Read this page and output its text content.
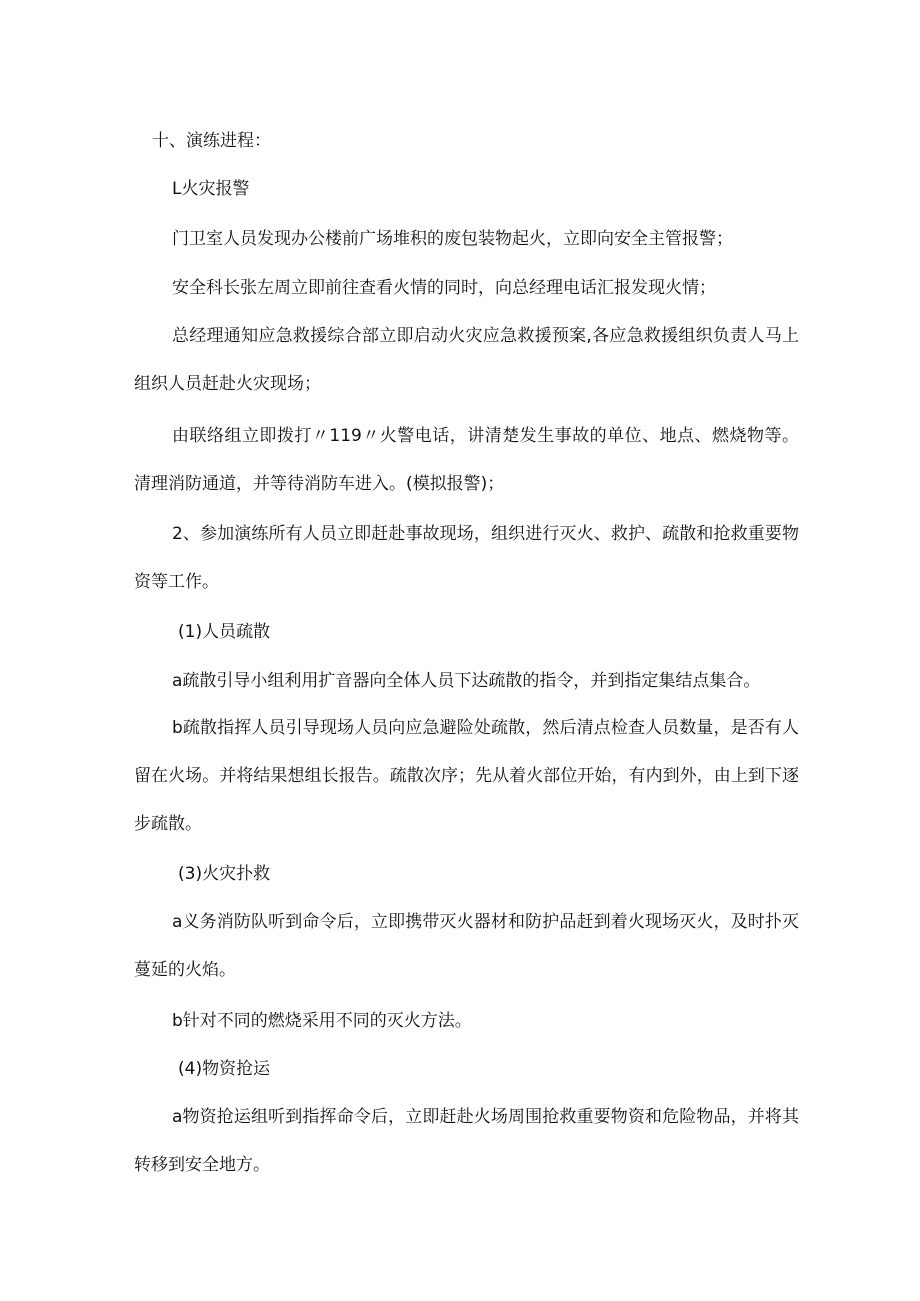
十、演练进程：

L火灾报警

门卫室人员发现办公楼前广场堆积的废包装物起火，立即向安全主管报警；

安全科长张左周立即前往查看火情的同时，向总经理电话汇报发现火情；

总经理通知应急救援综合部立即启动火灾应急救援预案,各应急救援组织负责人马上组织人员赶赴火灾现场；

由联络组立即拨打〃119〃火警电话，讲清楚发生事故的单位、地点、燃烧物等。清理消防通道，并等待消防车进入。(模拟报警)；

2、参加演练所有人员立即赶赴事故现场，组织进行灭火、救护、疏散和抢救重要物资等工作。

(1)人员疏散

a疏散引导小组利用扩音器向全体人员下达疏散的指令，并到指定集结点集合。

b疏散指挥人员引导现场人员向应急避险处疏散，然后清点检查人员数量，是否有人留在火场。并将结果想组长报告。疏散次序；先从着火部位开始，有内到外，由上到下逐步疏散。

(3)火灾扑救

a义务消防队听到命令后，立即携带灭火器材和防护品赶到着火现场灭火，及时扑灭蔓延的火焰。

b针对不同的燃烧采用不同的灭火方法。

(4)物资抢运

a物资抢运组听到指挥命令后，立即赶赴火场周围抢救重要物资和危险物品，并将其转移到安全地方。
